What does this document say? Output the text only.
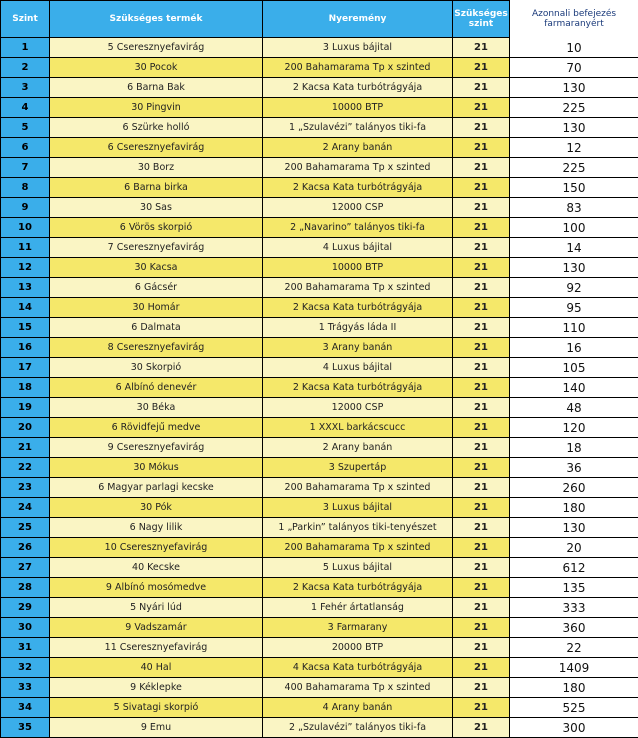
Szint	Szükséges termék	Nyeremény	Szükséges szint	Azonnali befejezés farmaranyért
1	5 Cseresznyefavirág	3 Luxus bájital	21	10
2	30 Pocok	200 Bahamarama Tp x szinted	21	70
3	6 Barna Bak	2 Kacsa Kata turbótrágyája	21	130
4	30 Pingvin	10000 BTP	21	225
5	6 Szürke holló	1 „Szulavézi” talányos tiki-fa	21	130
6	6 Cseresznyefavirág	2 Arany banán	21	12
7	30 Borz	200 Bahamarama Tp x szinted	21	225
8	6 Barna birka	2 Kacsa Kata turbótrágyája	21	150
9	30 Sas	12000 CSP	21	83
10	6 Vörös skorpió	2 „Navarino” talányos tiki-fa	21	100
11	7 Cseresznyefavirág	4 Luxus bájital	21	14
12	30 Kacsa	10000 BTP	21	130
13	6 Gácsér	200 Bahamarama Tp x szinted	21	92
14	30 Homár	2 Kacsa Kata turbótrágyája	21	95
15	6 Dalmata	1 Trágyás láda II	21	110
16	8 Cseresznyefavirág	3 Arany banán	21	16
17	30 Skorpió	4 Luxus bájital	21	105
18	6 Albínó denevér	2 Kacsa Kata turbótrágyája	21	140
19	30 Béka	12000 CSP	21	48
20	6 Rövidfejű medve	1 XXXL barkácscucc	21	120
21	9 Cseresznyefavirág	2 Arany banán	21	18
22	30 Mókus	3 Szupertáp	21	36
23	6 Magyar parlagi kecske	200 Bahamarama Tp x szinted	21	260
24	30 Pók	3 Luxus bájital	21	180
25	6 Nagy lilik	1 „Parkin” talányos tiki-tenyészet	21	130
26	10 Cseresznyefavirág	200 Bahamarama Tp x szinted	21	20
27	40 Kecske	5 Luxus bájital	21	612
28	9 Albínó mosómedve	2 Kacsa Kata turbótrágyája	21	135
29	5 Nyári lúd	1 Fehér ártatlanság	21	333
30	9 Vadszamár	3 Farmarany	21	360
31	11 Cseresznyefavirág	20000 BTP	21	22
32	40 Hal	4 Kacsa Kata turbótrágyája	21	1409
33	9 Kéklepke	400 Bahamarama Tp x szinted	21	180
34	5 Sivatagi skorpió	4 Arany banán	21	525
35	9 Emu	2 „Szulavézi” talányos tiki-fa	21	300
